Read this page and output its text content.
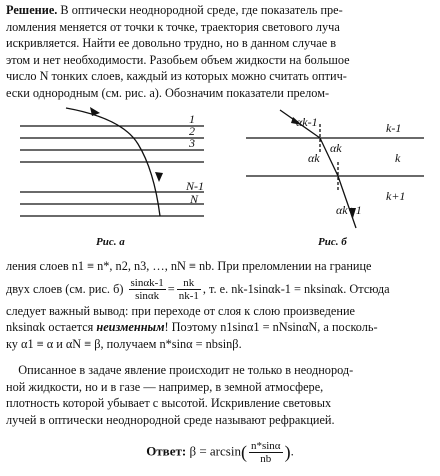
Решение. В оптически неоднородной среде, где показатель пре-
ломления меняется от точки к точке, траектория светового луча
искривляется. Найти ее довольно трудно, но в данном случае в
этом и нет необходимости. Разобьем объем жидкости на большое
число N тонких слоев, каждый из которых можно считать оптич-
ески однородным (см. рис. а). Обозначим показатели прелом-
1
2
3
N-1
N
Рис. а
αk-1
αk
αk
αk+1
k-1
k
k+1
Рис. б
ления слоев n1 ≡ n*, n2, n3, …, nN ≡ nb. При преломлении на границе
двух слоев (см. рис. $б) \frac{\sin\alpha k-1}{\sin\alpha k} = \frac{nk}{nk-1}$ , т. е. nk-1sinαk-1 = nksinαk. Отсюда
следует важный вывод: при переходе от слоя к слою произведение
nksinαk остается неизменным! Поэтому n1sinα1 = nNsinαN, а посколь-
ку α1 ≡ α и αN ≡ β, получаем n*sinα = nbsinβ.
Описанное в задаче явление происходит не только в неоднород-
ной жидкости, но и в газе — например, в земной атмосфере,
плотность которой убывает с высотой. Искривление световых
лучей в оптически неоднородной среде называют рефракцией.
Ответ: $\beta = \arcsin( \frac{n*\sin\alpha}{nb}$ ).
